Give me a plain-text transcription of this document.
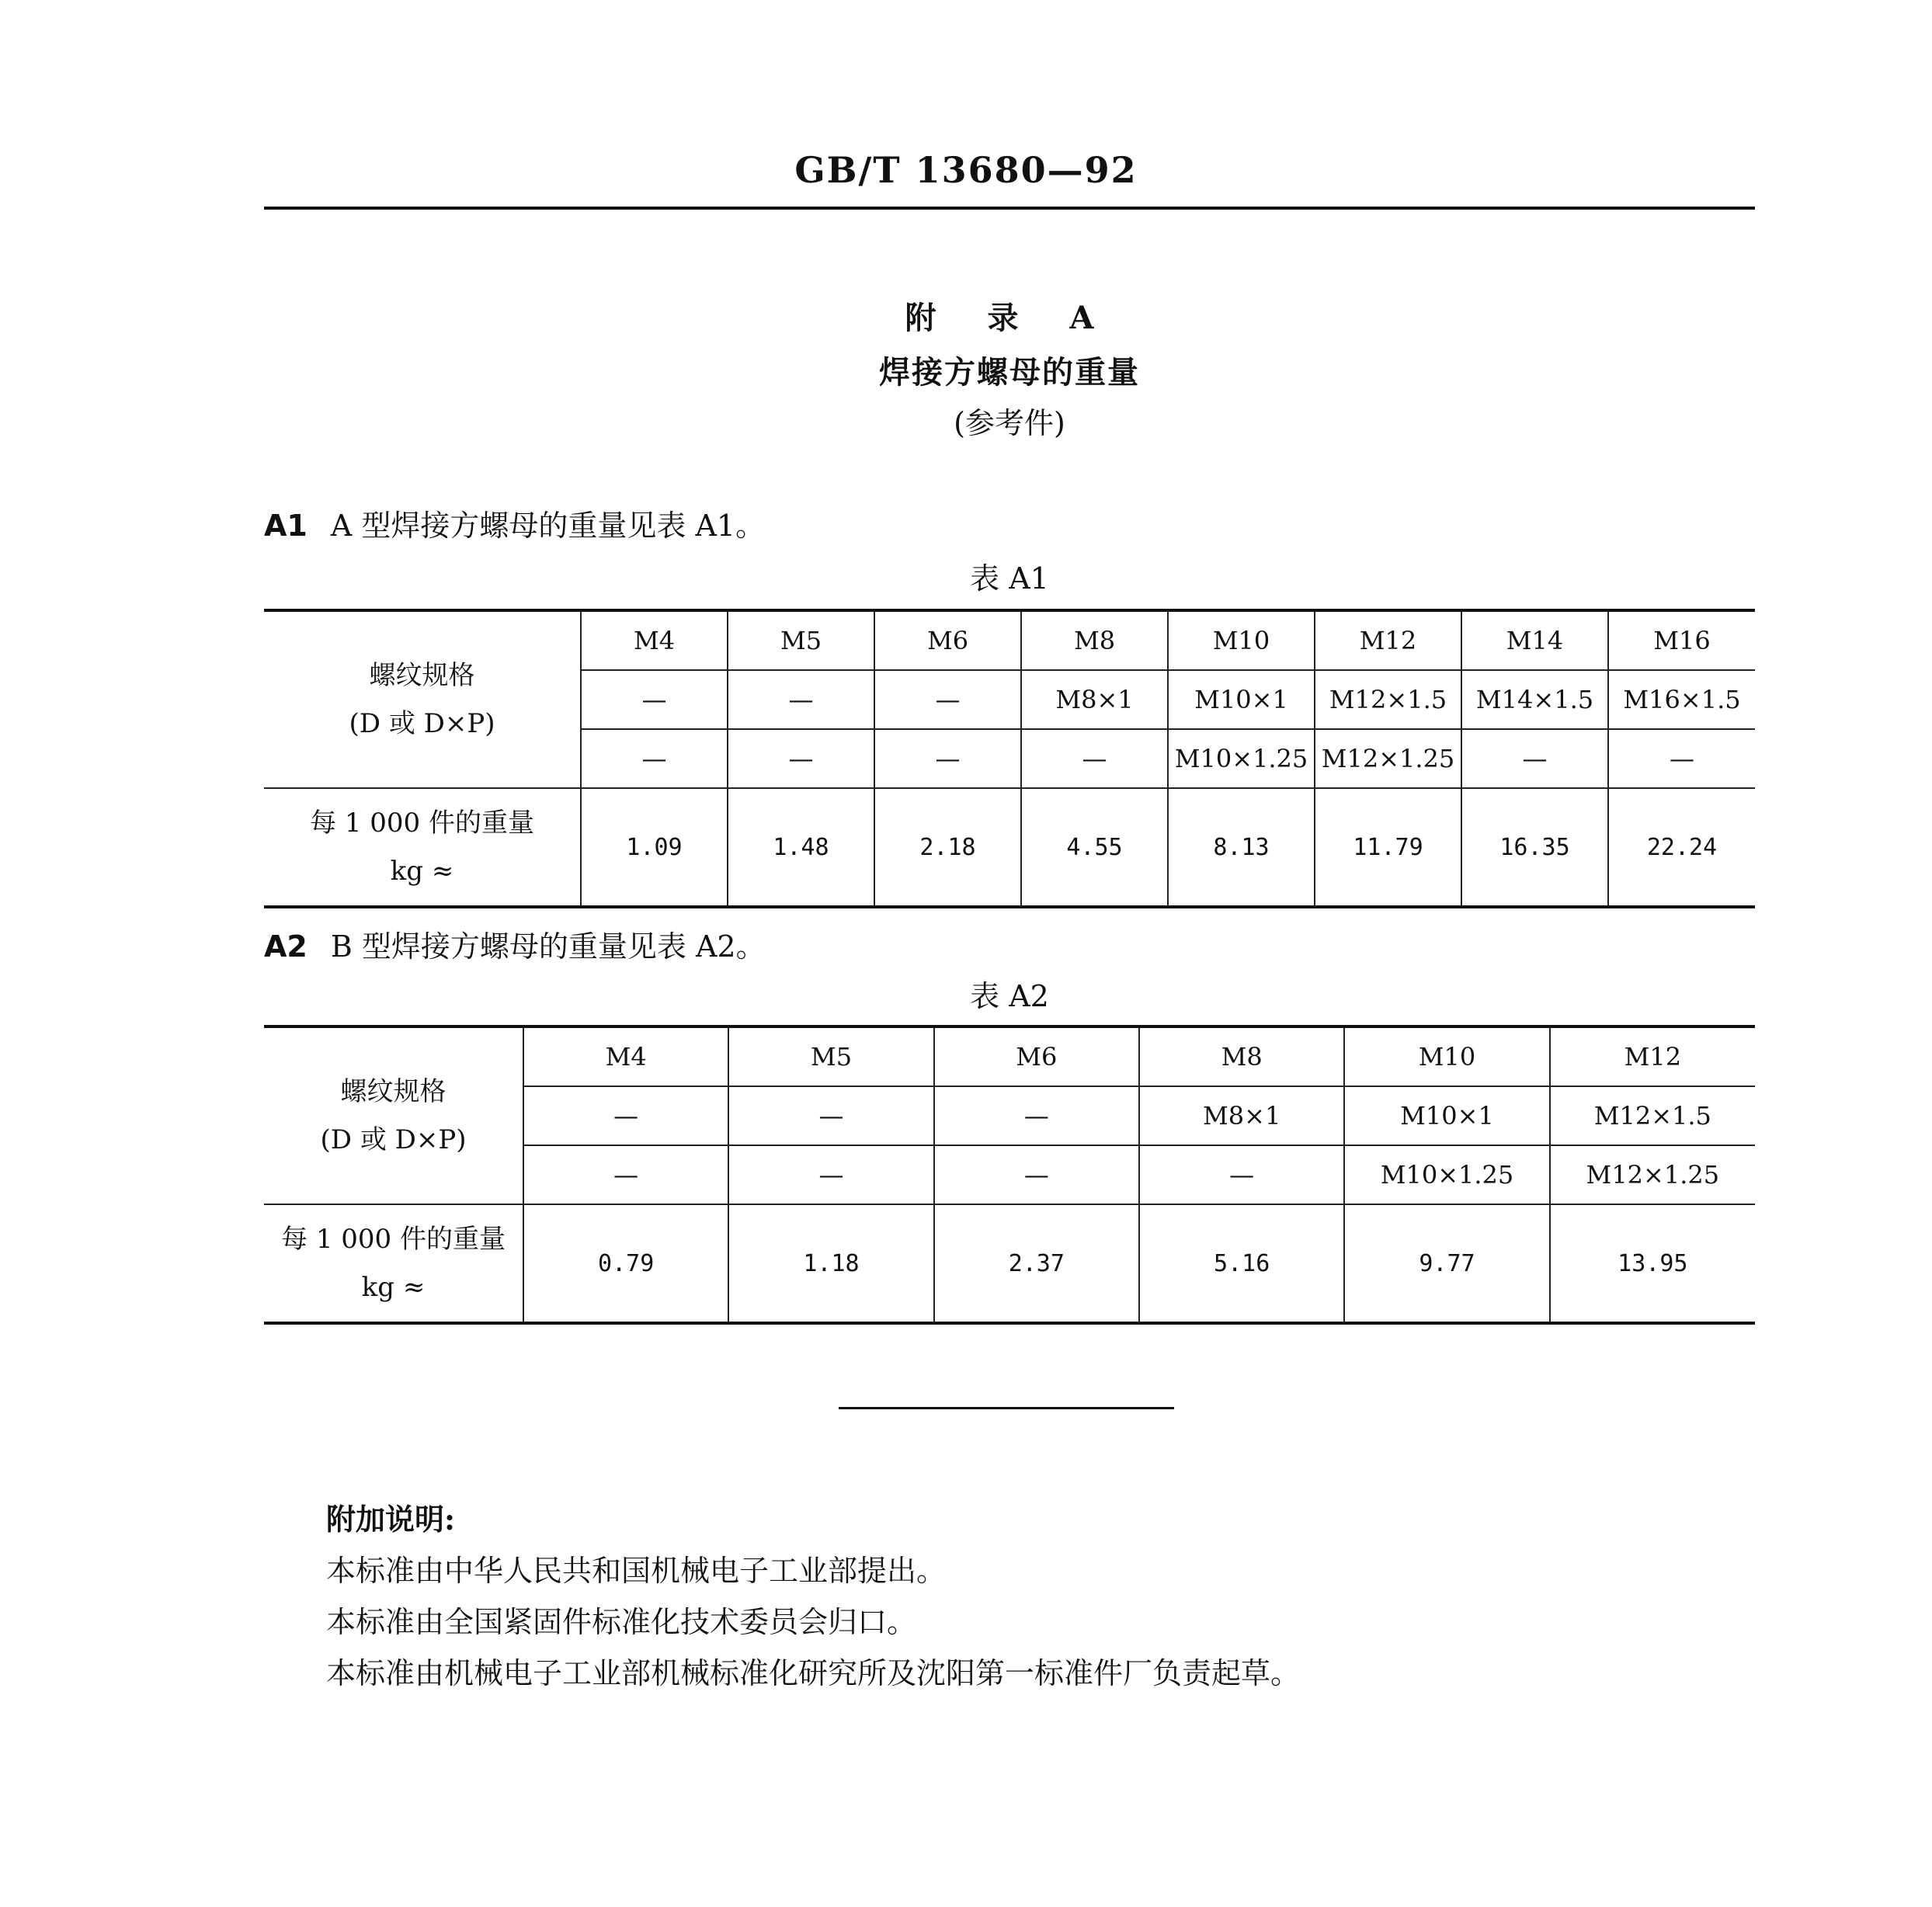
GB/T 13680—92
附 录 A
焊接方螺母的重量
(参考件)
A1 A 型焊接方螺母的重量见表 A1。
表 A1
螺纹规格
(D 或 D×P)	M4	M5	M6	M8	M10	M12	M14	M16
	—	—	—	M8×1	M10×1	M12×1.5	M14×1.5	M16×1.5
	—	—	—	—	M10×1.25	M12×1.25	—	—
每 1 000 件的重量
kg ≈	1.09	1.48	2.18	4.55	8.13	11.79	16.35	22.24
A2 B 型焊接方螺母的重量见表 A2。
表 A2
螺纹规格
(D 或 D×P)	M4	M5	M6	M8	M10	M12
	—	—	—	M8×1	M10×1	M12×1.5
	—	—	—	—	M10×1.25	M12×1.25
每 1 000 件的重量
kg ≈	0.79	1.18	2.37	5.16	9.77	13.95
附加说明:
本标准由中华人民共和国机械电子工业部提出。
本标准由全国紧固件标准化技术委员会归口。
本标准由机械电子工业部机械标准化研究所及沈阳第一标准件厂负责起草。
